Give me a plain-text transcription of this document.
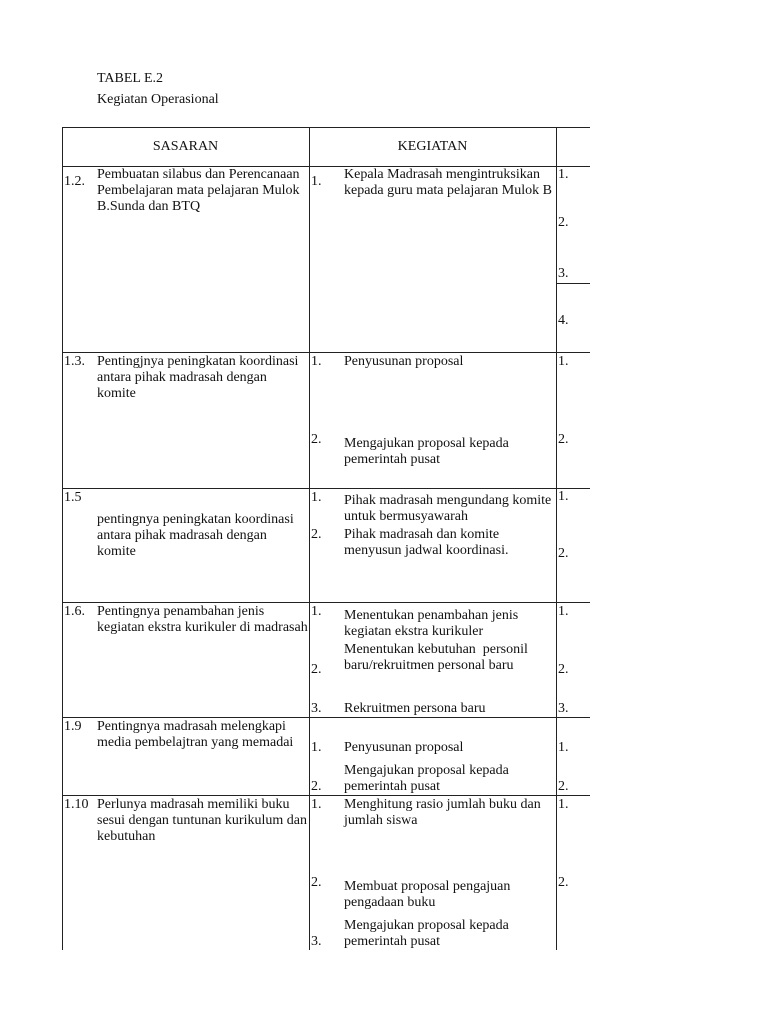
TABEL E.2
Kegiatan Operasional
SASARAN	KEGIATAN
1.2. Pembuatan silabus dan Perencanaan
Pembelajaran mata pelajaran Mulok
B.Sunda dan BTQ
1. Kepala Madrasah mengintruksikan
kepada guru mata pelajaran Mulok B
1.
2.
3.
4.
1.3. Pentingjnya peningkatan koordinasi
antara pihak madrasah dengan komite
1. Penyusunan proposal
2. Mengajukan proposal kepada
pemerintah pusat
1.
2.
1.5
pentingnya peningkatan koordinasi
antara pihak madrasah dengan komite
1. Pihak madrasah mengundang komite
untuk bermusyawarah
2. Pihak madrasah dan komite
menyusun jadwal koordinasi.
1.
2.
1.6. Pentingnya penambahan jenis
kegiatan ekstra kurikuler di madrasah
1. Menentukan penambahan jenis
kegiatan ekstra kurikuler
2.
Menentukan kebutuhan  personil
baru/rekruitmen personal baru
3. Rekruitmen persona baru
1.
2.
3.
1.9 Pentingnya madrasah melengkapi
media pembelajtran yang memadai	1. Penyusunan proposal
2.
Mengajukan proposal kepada
pemerintah pusat
1.
2.
1.10 Perlunya madrasah memiliki buku
sesui dengan tuntunan kurikulum dan
kebutuhan
1. Menghitung rasio jumlah buku dan
jumlah siswa
2. Membuat proposal pengajuan
pengadaan buku
3.
Mengajukan proposal kepada
pemerintah pusat
1.
2.
